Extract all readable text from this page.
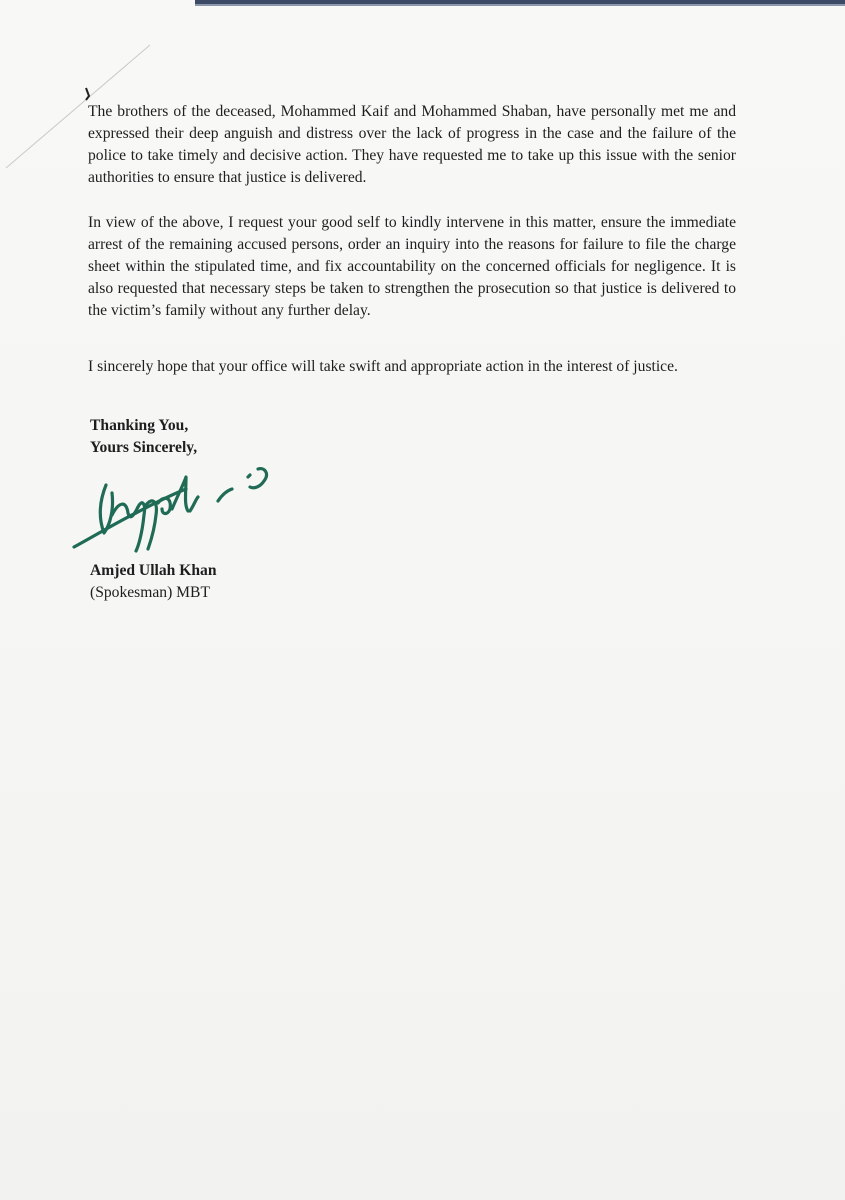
The brothers of the deceased, Mohammed Kaif and Mohammed Shaban, have personally met me and expressed their deep anguish and distress over the lack of progress in the case and the failure of the police to take timely and decisive action. They have requested me to take up this issue with the senior authorities to ensure that justice is delivered.

In view of the above, I request your good self to kindly intervene in this matter, ensure the immediate arrest of the remaining accused persons, order an inquiry into the reasons for failure to file the charge sheet within the stipulated time, and fix accountability on the concerned officials for negligence. It is also requested that necessary steps be taken to strengthen the prosecution so that justice is delivered to the victim’s family without any further delay.

I sincerely hope that your office will take swift and appropriate action in the interest of justice.

Thanking You,
Yours Sincerely,
Amjed Ullah Khan
(Spokesman) MBT
